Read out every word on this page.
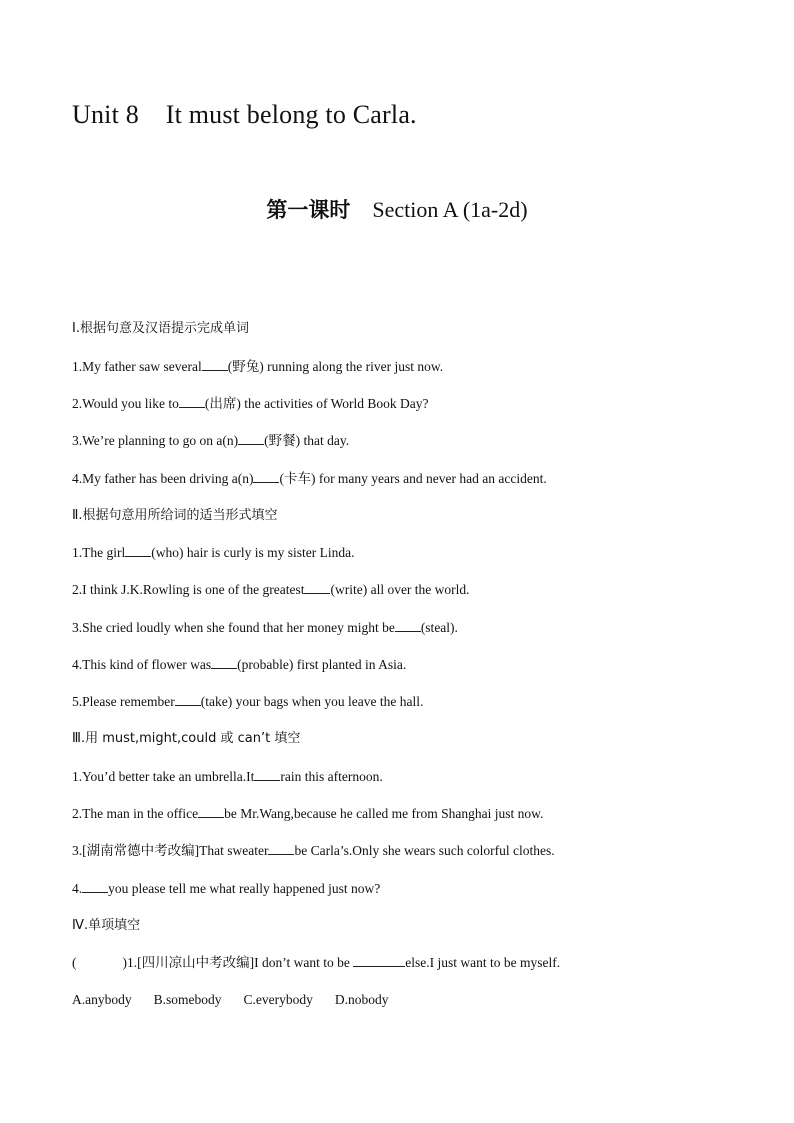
Unit 8    It must belong to Carla.
第一课时 Section A (1a-2d)
Ⅰ.根据句意及汉语提示完成单词
1.My father saw several (野兔) running along the river just now.
2.Would you like to (出席) the activities of World Book Day?
3.We’re planning to go on a(n) (野餐) that day.
4.My father has been driving a(n) (卡车) for many years and never had an accident.
Ⅱ.根据句意用所给词的适当形式填空
1.The girl (who) hair is curly is my sister Linda.
2.I think J.K.Rowling is one of the greatest (write) all over the world.
3.She cried loudly when she found that her money might be (steal).
4.This kind of flower was (probable) first planted in Asia.
5.Please remember (take) your bags when you leave the hall.
Ⅲ.用 must,might,could 或 can’t 填空
1.You’d better take an umbrella.It rain this afternoon.
2.The man in the office be Mr.Wang,because he called me from Shanghai just now.
3.[湖南常德中考改编]That sweater be Carla’s.Only she wears such colorful clothes.
4. you please tell me what really happened just now?
Ⅳ.单项填空
(	)1.[四川凉山中考改编]I don’t want to be	else.I just want to be myself.
A.anybody B.somebody C.everybody D.nobody
